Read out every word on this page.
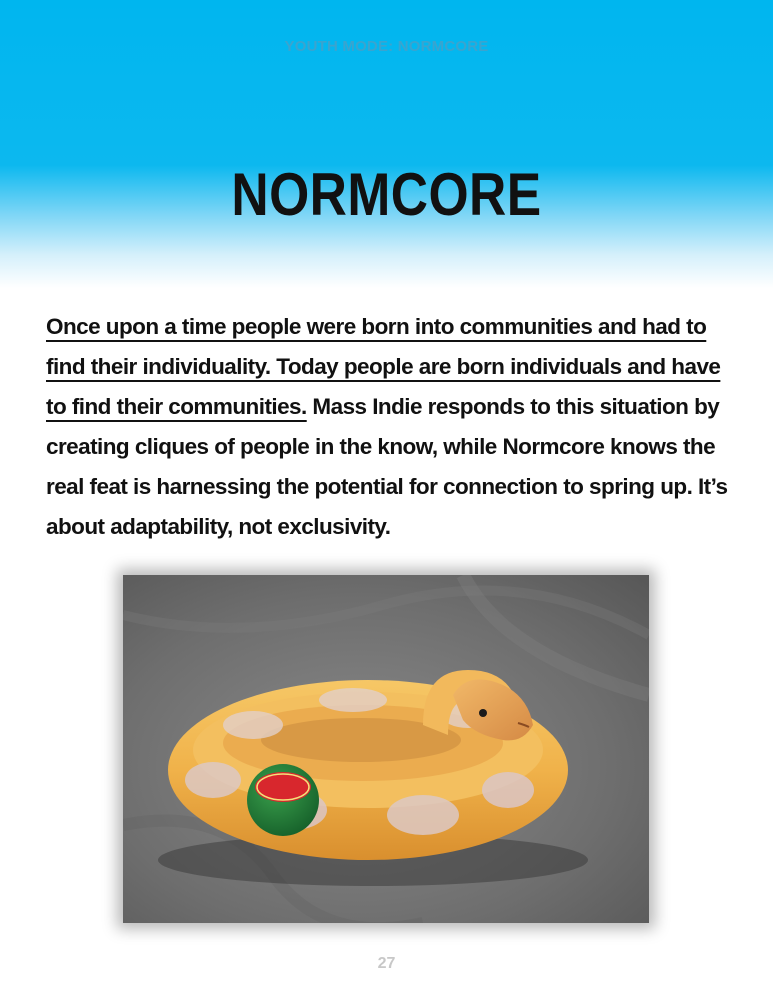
YOUTH MODE: NORMCORE
NORMCORE

Once upon a time people were born into communities and had to find their individuality. Today people are born individuals and have to find their communities. Mass Indie responds to this situation by creating cliques of people in the know, while Normcore knows the real feat is harnessing the potential for connection to spring up. It’s about adaptability, not exclusivity.

27
